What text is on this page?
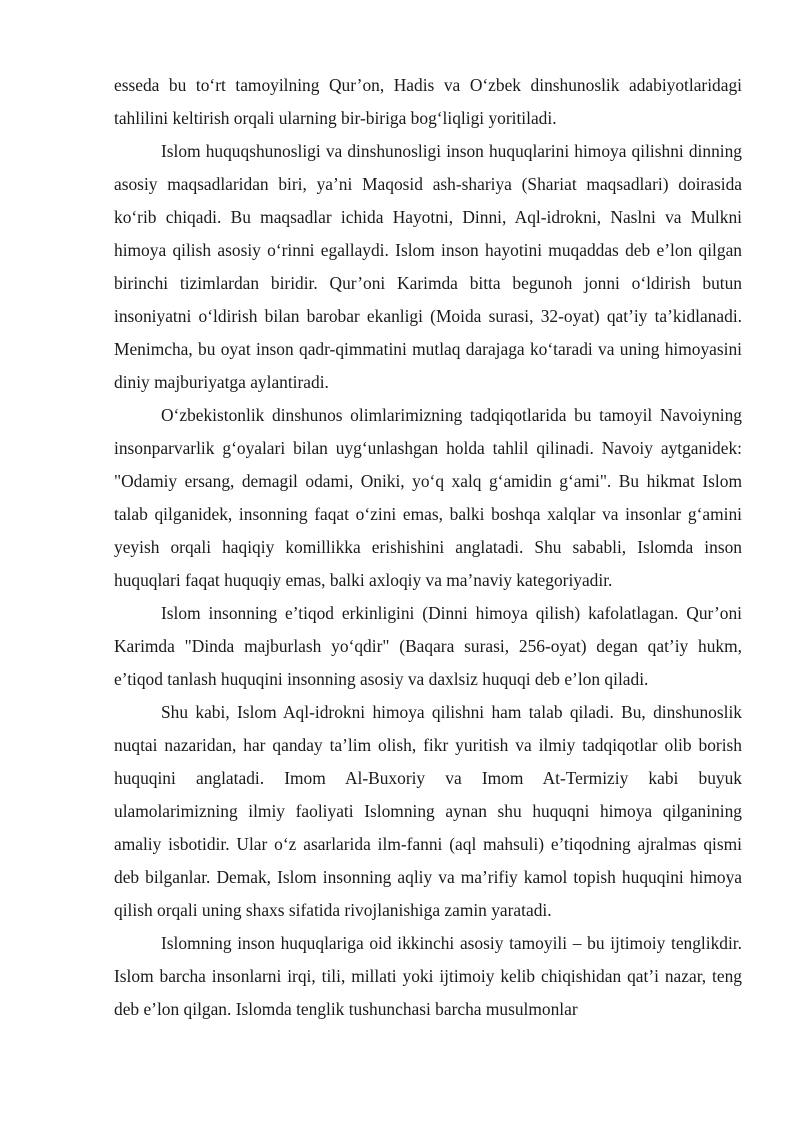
esseda bu to‘rt tamoyilning Qur’on, Hadis va O‘zbek dinshunoslik adabiyotlaridagi tahlilini keltirish orqali ularning bir-biriga bog‘liqligi yoritiladi.

Islom huquqshunosligi va dinshunosligi inson huquqlarini himoya qilishni dinning asosiy maqsadlaridan biri, ya’ni Maqosid ash-shariya (Shariat maqsadlari) doirasida ko‘rib chiqadi. Bu maqsadlar ichida Hayotni, Dinni, Aql-idrokni, Naslni va Mulkni himoya qilish asosiy o‘rinni egallaydi. Islom inson hayotini muqaddas deb e’lon qilgan birinchi tizimlardan biridir. Qur’oni Karimda bitta begunoh jonni o‘ldirish butun insoniyatni o‘ldirish bilan barobar ekanligi (Moida surasi, 32-oyat) qat’iy ta’kidlanadi. Menimcha, bu oyat inson qadr-qimmatini mutlaq darajaga ko‘taradi va uning himoyasini diniy majburiyatga aylantiradi.

O‘zbekistonlik dinshunos olimlarimizning tadqiqotlarida bu tamoyil Navoiyning insonparvarlik g‘oyalari bilan uyg‘unlashgan holda tahlil qilinadi. Navoiy aytganidek: "Odamiy ersang, demagil odami, Oniki, yo‘q xalq g‘amidin g‘ami". Bu hikmat Islom talab qilganidek, insonning faqat o‘zini emas, balki boshqa xalqlar va insonlar g‘amini yeyish orqali haqiqiy komillikka erishishini anglatadi. Shu sababli, Islomda inson huquqlari faqat huquqiy emas, balki axloqiy va ma’naviy kategoriyadir.

Islom insonning e’tiqod erkinligini (Dinni himoya qilish) kafolatlagan. Qur’oni Karimda "Dinda majburlash yo‘qdir" (Baqara surasi, 256-oyat) degan qat’iy hukm, e’tiqod tanlash huquqini insonning asosiy va daxlsiz huquqi deb e’lon qiladi.

Shu kabi, Islom Aql-idrokni himoya qilishni ham talab qiladi. Bu, dinshunoslik nuqtai nazaridan, har qanday ta’lim olish, fikr yuritish va ilmiy tadqiqotlar olib borish huquqini anglatadi. Imom Al-Buxoriy va Imom At-Termiziy kabi buyuk ulamolarimizning ilmiy faoliyati Islomning aynan shu huquqni himoya qilganining amaliy isbotidir. Ular o‘z asarlarida ilm-fanni (aql mahsuli) e’tiqodning ajralmas qismi deb bilganlar. Demak, Islom insonning aqliy va ma’rifiy kamol topish huquqini himoya qilish orqali uning shaxs sifatida rivojlanishiga zamin yaratadi.

Islomning inson huquqlariga oid ikkinchi asosiy tamoyili – bu ijtimoiy tenglikdir. Islom barcha insonlarni irqi, tili, millati yoki ijtimoiy kelib chiqishidan qat’i nazar, teng deb e’lon qilgan. Islomda tenglik tushunchasi barcha musulmonlar
